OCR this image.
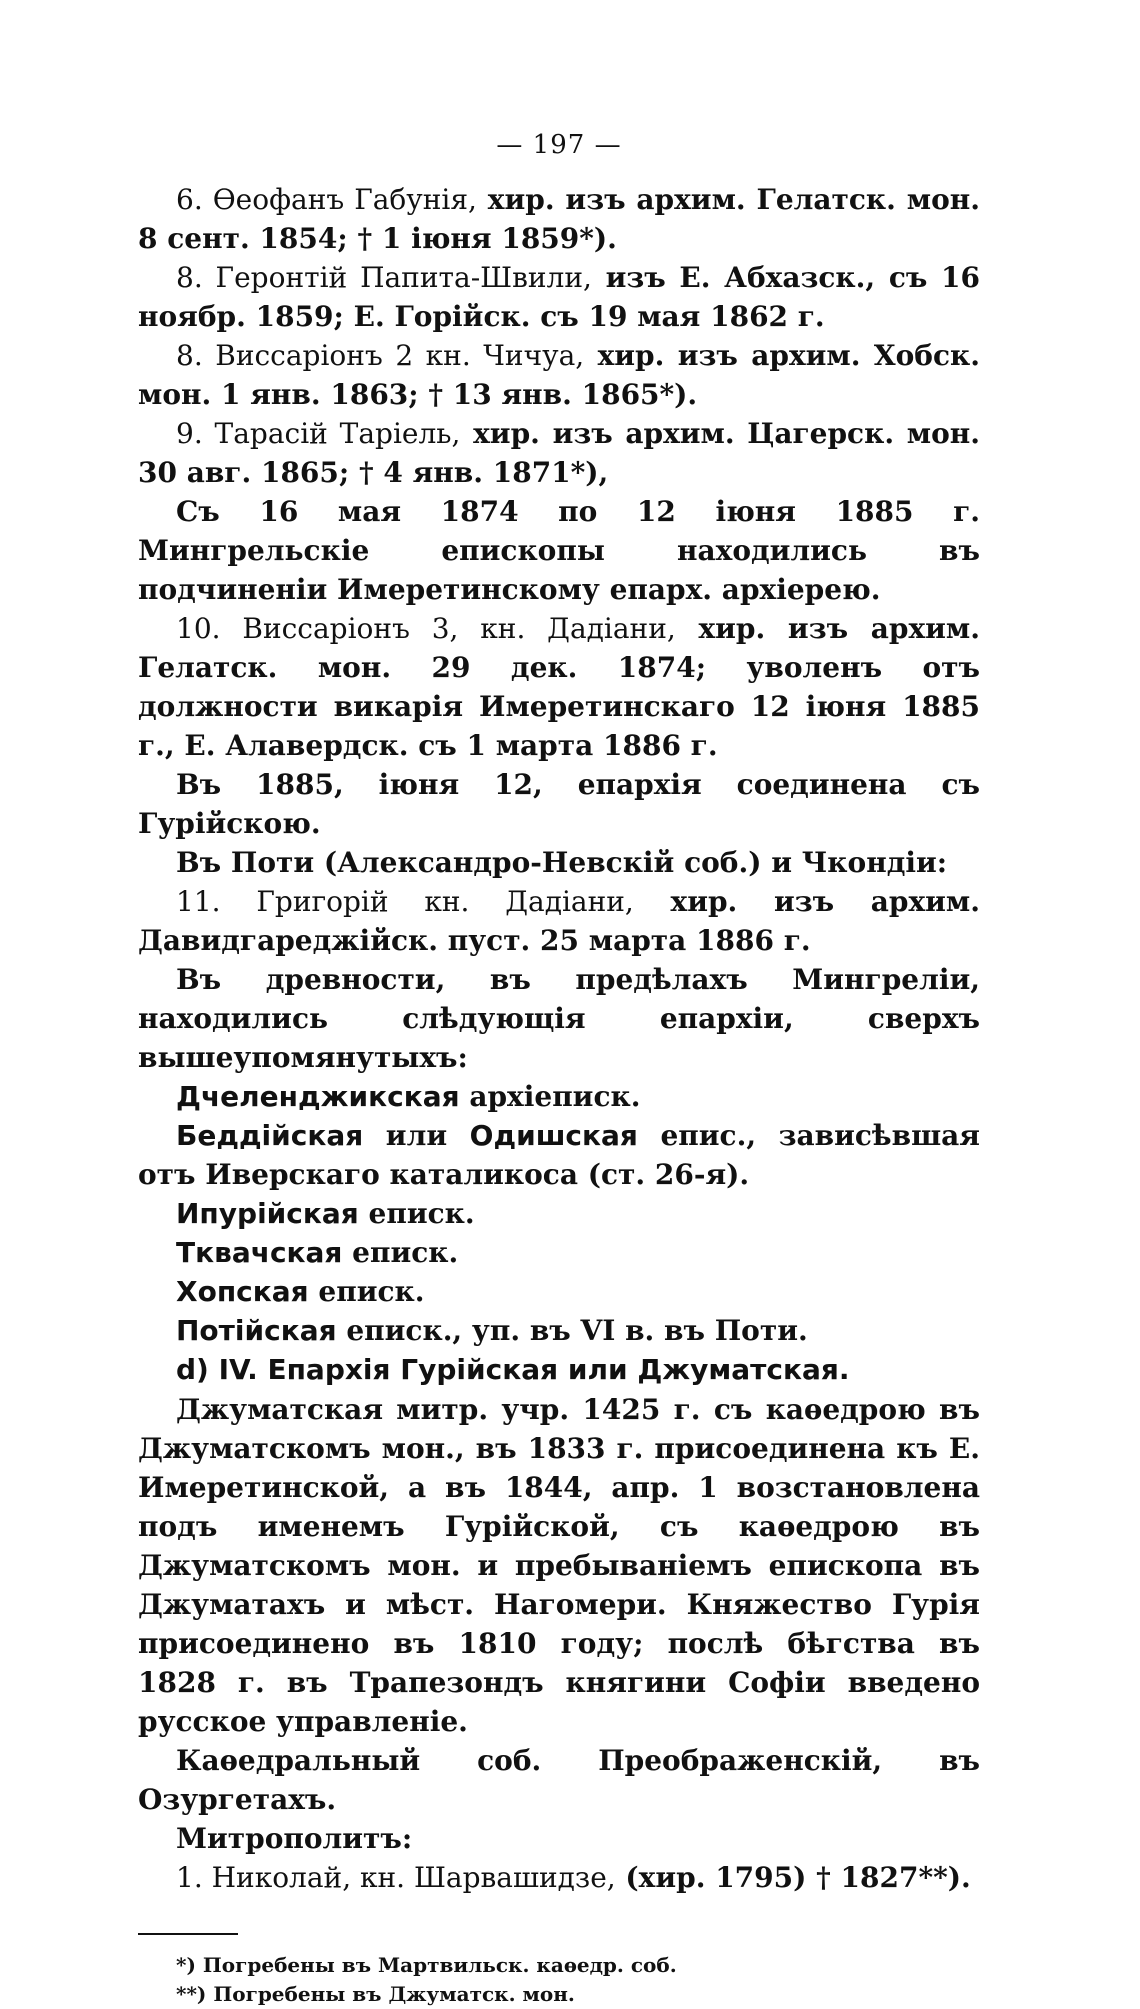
— 197 —

6. Ѳеофанъ Габунія, хир. изъ архим. Гелатск. мон. 8 сент. 1854; † 1 іюня 1859*).

8. Геронтій Папита-Швили, изъ Е. Абхазск., съ 16 ноябр. 1859; Е. Горійск. съ 19 мая 1862 г.

8. Виссаріонъ 2 кн. Чичуа, хир. изъ архим. Хобск. мон. 1 янв. 1863; † 13 янв. 1865*).

9. Тарасій Таріель, хир. изъ архим. Цагерск. мон. 30 авг. 1865; † 4 янв. 1871*),

Съ 16 мая 1874 по 12 іюня 1885 г. Мингрельскіе епископы находились въ подчиненіи Имеретинскому епарх. архіерею.

10. Виссаріонъ 3, кн. Дадіани, хир. изъ архим. Гелатск. мон. 29 дек. 1874; уволенъ отъ должности викарія Имеретинскаго 12 іюня 1885 г., Е. Алавердск. съ 1 марта 1886 г.

Въ 1885, іюня 12, епархія соединена съ Гурійскою.

Въ Поти (Александро-Невскій соб.) и Чкондіи:

11. Григорій кн. Дадіани, хир. изъ архим. Давидгареджійск. пуст. 25 марта 1886 г.

Въ древности, въ предѣлахъ Мингреліи, находились слѣдующія епархіи, сверхъ вышеупомянутыхъ:

Дчеленджикская архіеписк.

Беддійская или Одишская епис., зависѣвшая отъ Иверскаго каталикоса (ст. 26-я).

Ипурійская еписк.

Тквачская еписк.

Хопская еписк.

Потійская еписк., уп. въ VI в. въ Поти.

d) IV. Епархія Гурійская или Джуматская.

Джуматская митр. учр. 1425 г. съ каѳедрою въ Джуматскомъ мон., въ 1833 г. присоединена къ Е. Имеретинской, а въ 1844, апр. 1 возстановлена подъ именемъ Гурійской, съ каѳедрою въ Джуматскомъ мон. и пребываніемъ епископа въ Джуматахъ и мѣст. Нагомери. Княжество Гурія присоединено въ 1810 году; послѣ бѣгства въ 1828 г. въ Трапезондъ княгини Софіи введено русское управленіе.

Каѳедральный соб. Преображенскій, въ Озургетахъ.

Митрополитъ:

1. Николай, кн. Шарвашидзе, (хир. 1795) † 1827**).

*) Погребены въ Мартвильск. каѳедр. соб.
**) Погребены въ Джуматск. мон.
